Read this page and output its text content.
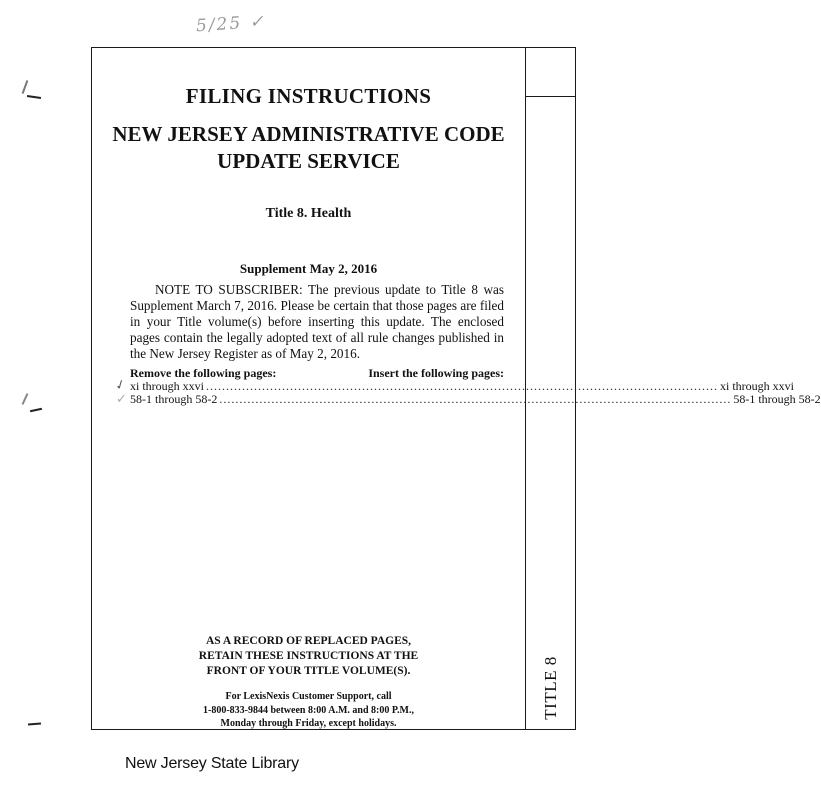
5/25 ✓
FILING INSTRUCTIONS
NEW JERSEY ADMINISTRATIVE CODE
UPDATE SERVICE
Title 8. Health
Supplement May 2, 2016
NOTE TO SUBSCRIBER: The previous update to Title 8 was Supplement March 7, 2016. Please be certain that those pages are filed in your Title volume(s) before inserting this update. The enclosed pages contain the legally adopted text of all rule changes published in the New Jersey Register as of May 2, 2016.
Remove the following pages:	Insert the following pages:
✓
✓
xi through xxvi ................................................................................................................................ xi through xxvi
58-1 through 58-2 ................................................................................................................................ 58-1 through 58-2
AS A RECORD OF REPLACED PAGES,
RETAIN THESE INSTRUCTIONS AT THE
FRONT OF YOUR TITLE VOLUME(S).
For LexisNexis Customer Support, call
1-800-833-9844 between 8:00 A.M. and 8:00 P.M.,
Monday through Friday, except holidays.
TITLE 8
New Jersey State Library
